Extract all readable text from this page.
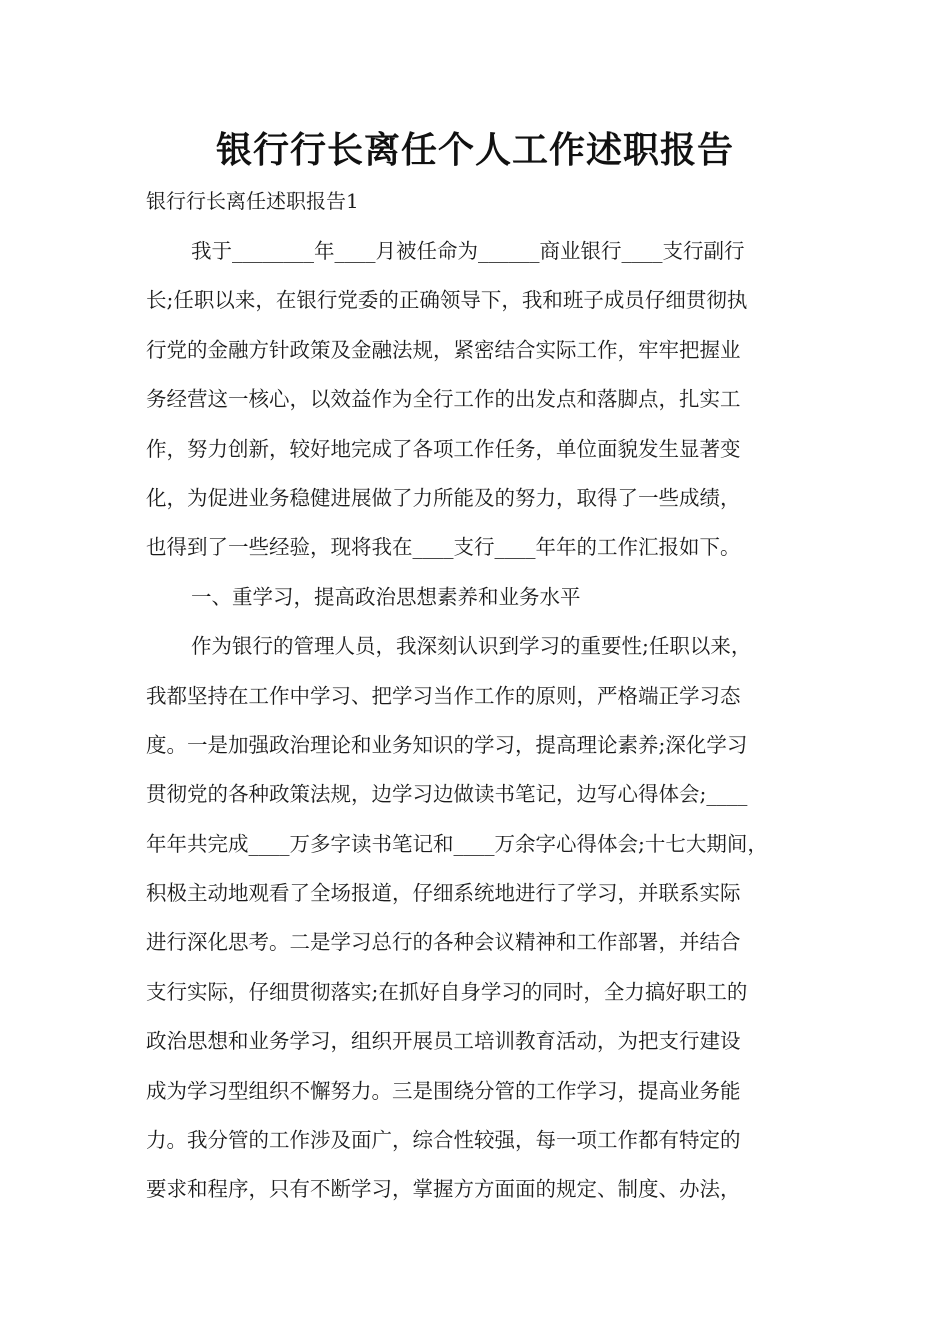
银行行长离任个人工作述职报告
银行行长离任述职报告1
我于________年____月被任命为______商业银行____支行副行
长;任职以来，在银行党委的正确领导下，我和班子成员仔细贯彻执
行党的金融方针政策及金融法规，紧密结合实际工作，牢牢把握业
务经营这一核心，以效益作为全行工作的出发点和落脚点，扎实工
作，努力创新，较好地完成了各项工作任务，单位面貌发生显著变
化，为促进业务稳健进展做了力所能及的努力，取得了一些成绩，
也得到了一些经验，现将我在____支行____年年的工作汇报如下。
一、重学习，提高政治思想素养和业务水平
作为银行的管理人员，我深刻认识到学习的重要性;任职以来，
我都坚持在工作中学习、把学习当作工作的原则，严格端正学习态
度。一是加强政治理论和业务知识的学习，提高理论素养;深化学习
贯彻党的各种政策法规，边学习边做读书笔记，边写心得体会;____
年年共完成____万多字读书笔记和____万余字心得体会;十七大期间，
积极主动地观看了全场报道，仔细系统地进行了学习，并联系实际
进行深化思考。二是学习总行的各种会议精神和工作部署，并结合
支行实际，仔细贯彻落实;在抓好自身学习的同时，全力搞好职工的
政治思想和业务学习，组织开展员工培训教育活动，为把支行建设
成为学习型组织不懈努力。三是围绕分管的工作学习，提高业务能
力。我分管的工作涉及面广，综合性较强，每一项工作都有特定的
要求和程序，只有不断学习，掌握方方面面的规定、制度、办法，
